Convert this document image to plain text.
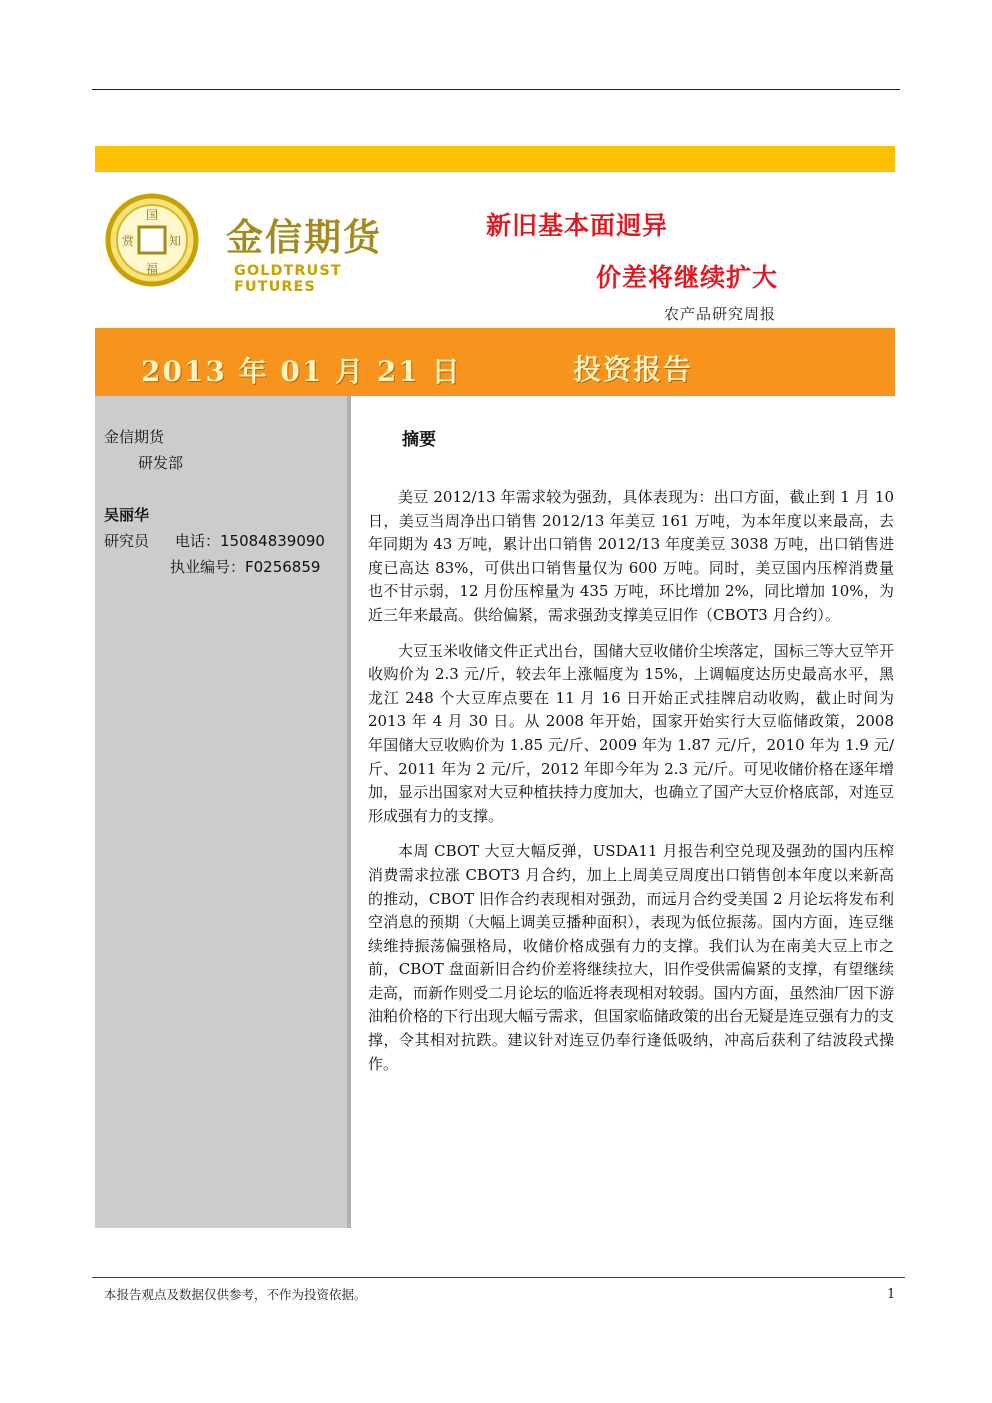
国
知
福
赏 金信期货
GOLDTRUST FUTURES
新旧基本面迥异
价差将继续扩大
农产品研究周报
2013 年 01 月 21 日	投资报告
金信期货
研发部
吴丽华
研究员 电话：15084839090
执业编号：F0256859
摘要

美豆 2012/13 年需求较为强劲，具体表现为：出口方面，截止到 1 月 10 日，美豆当周净出口销售 2012/13 年美豆 161 万吨，为本年度以来最高，去年同期为 43 万吨，累计出口销售 2012/13 年度美豆 3038 万吨，出口销售进度已高达 83%，可供出口销售量仅为 600 万吨。同时，美豆国内压榨消费量也不甘示弱，12 月份压榨量为 435 万吨，环比增加 2%，同比增加 10%，为近三年来最高。供给偏紧，需求强劲支撑美豆旧作（CBOT3 月合约）。

大豆玉米收储文件正式出台，国储大豆收储价尘埃落定，国标三等大豆竿开收购价为 2.3 元/斤，较去年上涨幅度为 15%，上调幅度达历史最高水平，黑龙江 248 个大豆库点要在 11 月 16 日开始正式挂牌启动收购，截止时间为 2013 年 4 月 30 日。从 2008 年开始，国家开始实行大豆临储政策，2008 年国储大豆收购价为 1.85 元/斤、2009 年为 1.87 元/斤，2010 年为 1.9 元/斤、2011 年为 2 元/斤，2012 年即今年为 2.3 元/斤。可见收储价格在逐年增加，显示出国家对大豆种植扶持力度加大，也确立了国产大豆价格底部，对连豆形成强有力的支撑。

本周 CBOT 大豆大幅反弹，USDA11 月报告利空兑现及强劲的国内压榨消费需求拉涨 CBOT3 月合约，加上上周美豆周度出口销售创本年度以来新高的推动，CBOT 旧作合约表现相对强劲，而远月合约受美国 2 月论坛将发布利空消息的预期（大幅上调美豆播种面积），表现为低位振荡。国内方面，连豆继续维持振荡偏强格局，收储价格成强有力的支撑。我们认为在南美大豆上市之前，CBOT 盘面新旧合约价差将继续拉大，旧作受供需偏紧的支撑，有望继续走高，而新作则受二月论坛的临近将表现相对较弱。国内方面，虽然油厂因下游油粕价格的下行出现大幅亏需求，但国家临储政策的出台无疑是连豆强有力的支撑，令其相对抗跌。建议针对连豆仍奉行逢低吸纳，冲高后获利了结波段式操作。

本报告观点及数据仅供参考，不作为投资依据。	1
